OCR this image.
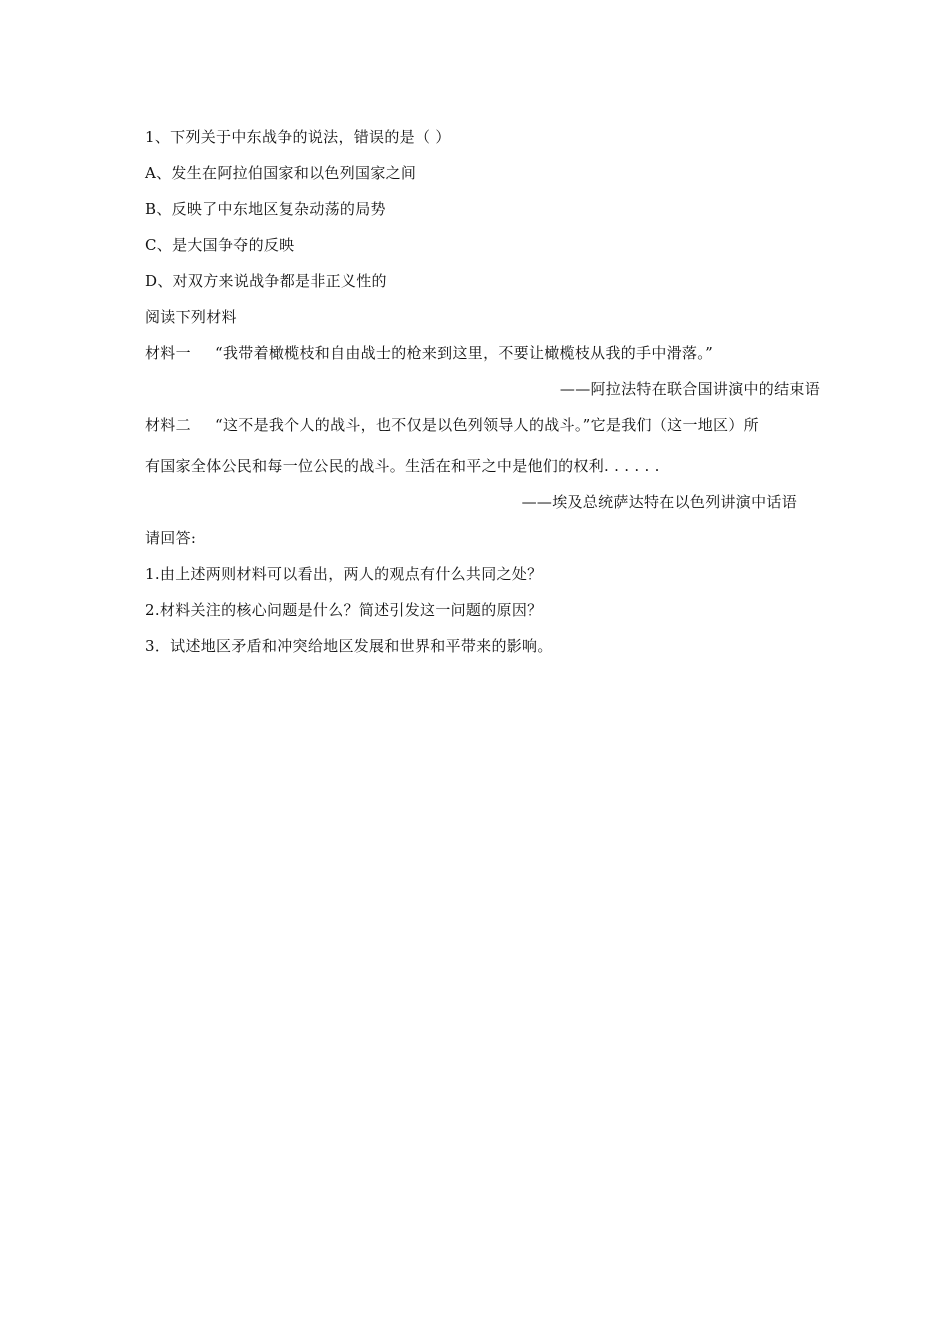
1、下列关于中东战争的说法，错误的是（ ）
A、发生在阿拉伯国家和以色列国家之间
B、反映了中东地区复杂动荡的局势
C、是大国争夺的反映
D、对双方来说战争都是非正义性的
阅读下列材料
材料一 “我带着橄榄枝和自由战士的枪来到这里，不要让橄榄枝从我的手中滑落。”
——阿拉法特在联合国讲演中的结束语
材料二 “这不是我个人的战斗，也不仅是以色列领导人的战斗。”它是我们（这一地区）所
有国家全体公民和每一位公民的战斗。生活在和平之中是他们的权利. . . . . .
——埃及总统萨达特在以色列讲演中话语
请回答:
1.由上述两则材料可以看出，两人的观点有什么共同之处？
2.材料关注的核心问题是什么？简述引发这一问题的原因？
3．试述地区矛盾和冲突给地区发展和世界和平带来的影响。
